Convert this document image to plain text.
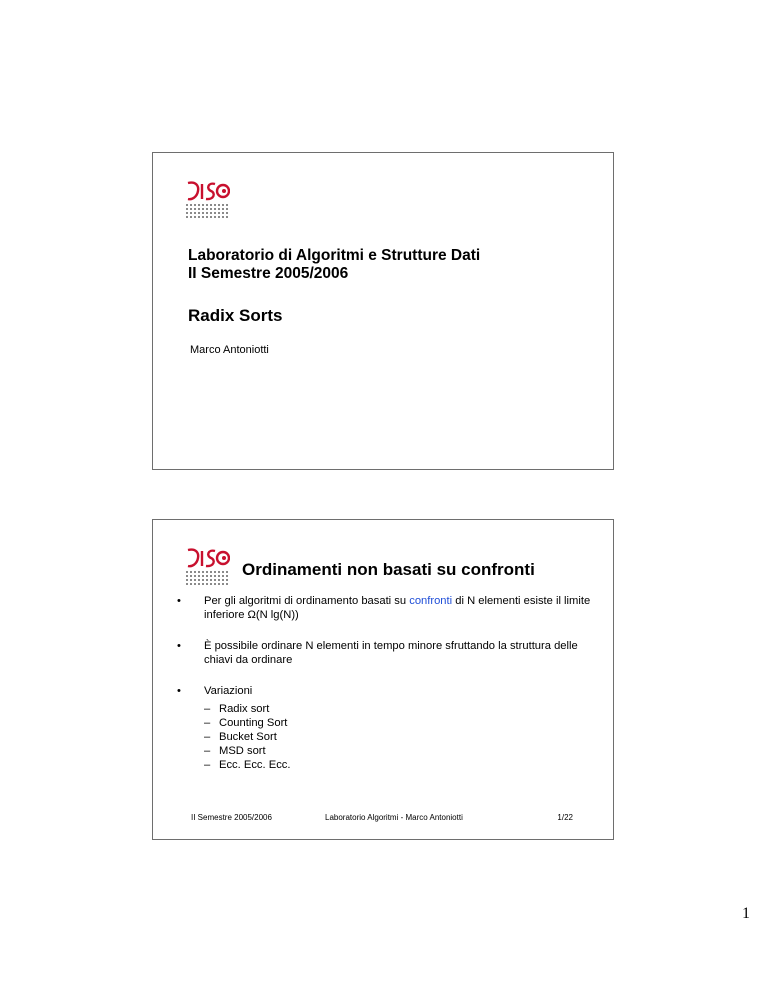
Laboratorio di Algoritmi e Strutture Dati
II Semestre 2005/2006
Radix Sorts
Marco Antoniotti
Ordinamenti non basati su confronti
• Per gli algoritmi di ordinamento basati su confronti di N elementi esiste il limite inferiore Ω(N lg(N))
• È possibile ordinare N elementi in tempo minore sfruttando la struttura delle chiavi da ordinare
• Variazioni
– Radix sort
– Counting Sort
– Bucket Sort
– MSD sort
– Ecc. Ecc. Ecc.
II Semestre 2005/2006	Laboratorio Algoritmi - Marco Antoniotti	1/22
1
